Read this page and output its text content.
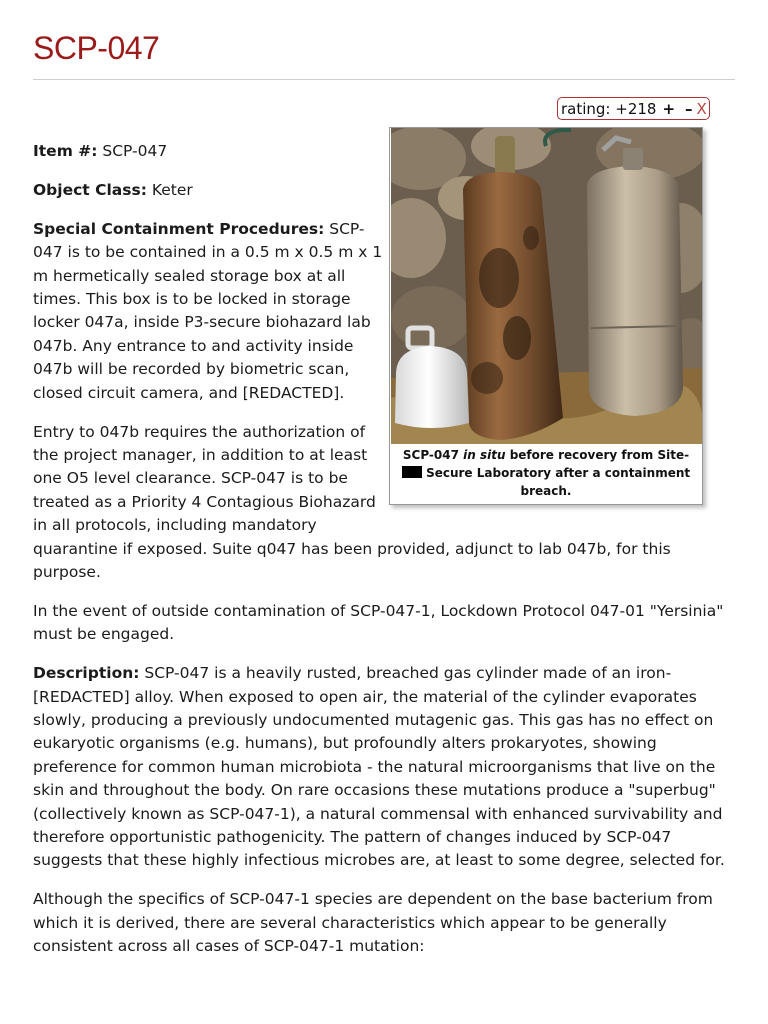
SCP-047
rating: +218 + – X
SCP-047 in situ before recovery from Site- Secure Laboratory after a containment breach.

Item #: SCP-047

Object Class: Keter

Special Containment Procedures: SCP-047 is to be contained in a 0.5 m x 0.5 m x 1 m hermetically sealed storage box at all times. This box is to be locked in storage locker 047a, inside P3-secure biohazard lab 047b. Any entrance to and activity inside 047b will be recorded by biometric scan, closed circuit camera, and [REDACTED].

Entry to 047b requires the authorization of the project manager, in addition to at least one O5 level clearance. SCP-047 is to be treated as a Priority 4 Contagious Biohazard in all protocols, including mandatory quarantine if exposed. Suite q047 has been provided, adjunct to lab 047b, for this purpose.

In the event of outside contamination of SCP-047-1, Lockdown Protocol 047-01 "Yersinia" must be engaged.

Description: SCP-047 is a heavily rusted, breached gas cylinder made of an iron-[REDACTED] alloy. When exposed to open air, the material of the cylinder evaporates slowly, producing a previously undocumented mutagenic gas. This gas has no effect on eukaryotic organisms (e.g. humans), but profoundly alters prokaryotes, showing preference for common human microbiota - the natural microorganisms that live on the skin and throughout the body. On rare occasions these mutations produce a "superbug" (collectively known as SCP-047-1), a natural commensal with enhanced survivability and therefore opportunistic pathogenicity. The pattern of changes induced by SCP-047 suggests that these highly infectious microbes are, at least to some degree, selected for.

Although the specifics of SCP-047-1 species are dependent on the base bacterium from which it is derived, there are several characteristics which appear to be generally consistent across all cases of SCP-047-1 mutation:
